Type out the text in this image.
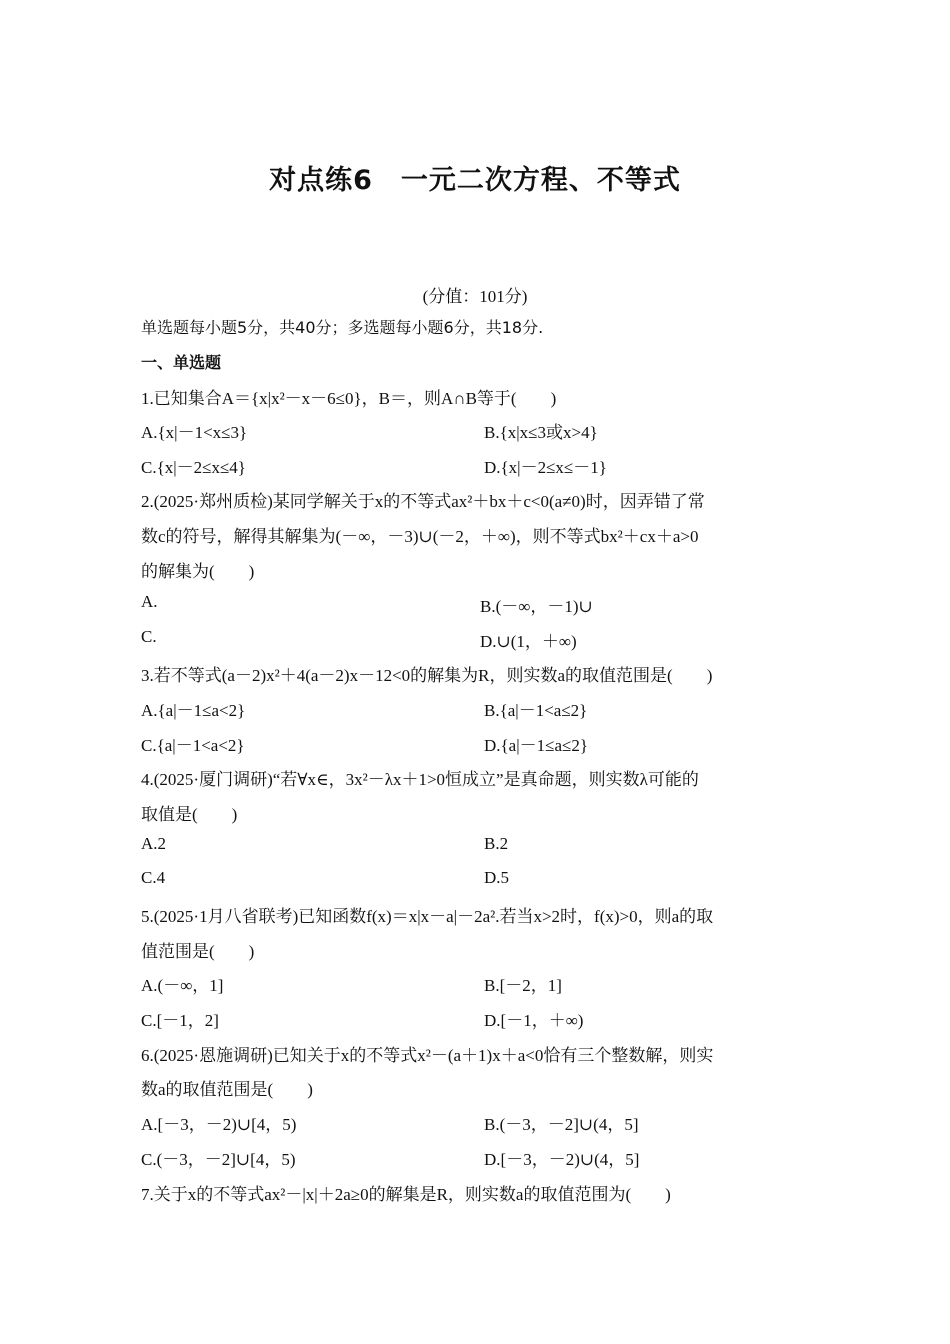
对点练6　一元二次方程、不等式
(分值：101分)
单选题每小题5分，共40分；多选题每小题6分，共18分.
一、单选题
1.已知集合A＝{x|x²－x－6≤0}，B＝，则A∩B等于(　　)
A.{x|－1<x≤3}	B.{x|x≤3或x>4}
C.{x|－2≤x≤4}	D.{x|－2≤x≤－1}
2.(2025·郑州质检)某同学解关于x的不等式ax²＋bx＋c<0(a≠0)时，因弄错了常
数c的符号，解得其解集为(－∞，－3)∪(－2，＋∞)，则不等式bx²＋cx＋a>0
的解集为(　　)
A.	B.(－∞，－1)∪
C.	D.∪(1，＋∞)
3.若不等式(a－2)x²＋4(a－2)x－12<0的解集为R，则实数a的取值范围是(　　)
A.{a|－1≤a<2}	B.{a|－1<a≤2}
C.{a|－1<a<2}	D.{a|－1≤a≤2}
4.(2025·厦门调研)“若∀x∈，3x²－λx＋1>0恒成立”是真命题，则实数λ可能的
取值是(　　)
A.2	B.2
C.4	D.5
5.(2025·1月八省联考)已知函数f(x)＝x|x－a|－2a².若当x>2时，f(x)>0，则a的取
值范围是(　　)
A.(－∞，1]	B.[－2，1]
C.[－1，2]	D.[－1，＋∞)
6.(2025·恩施调研)已知关于x的不等式x²－(a＋1)x＋a<0恰有三个整数解，则实
数a的取值范围是(　　)
A.[－3，－2)∪[4，5)	B.(－3，－2]∪(4，5]
C.(－3，－2]∪[4，5)	D.[－3，－2)∪(4，5]
7.关于x的不等式ax²－|x|＋2a≥0的解集是R，则实数a的取值范围为(　　)
